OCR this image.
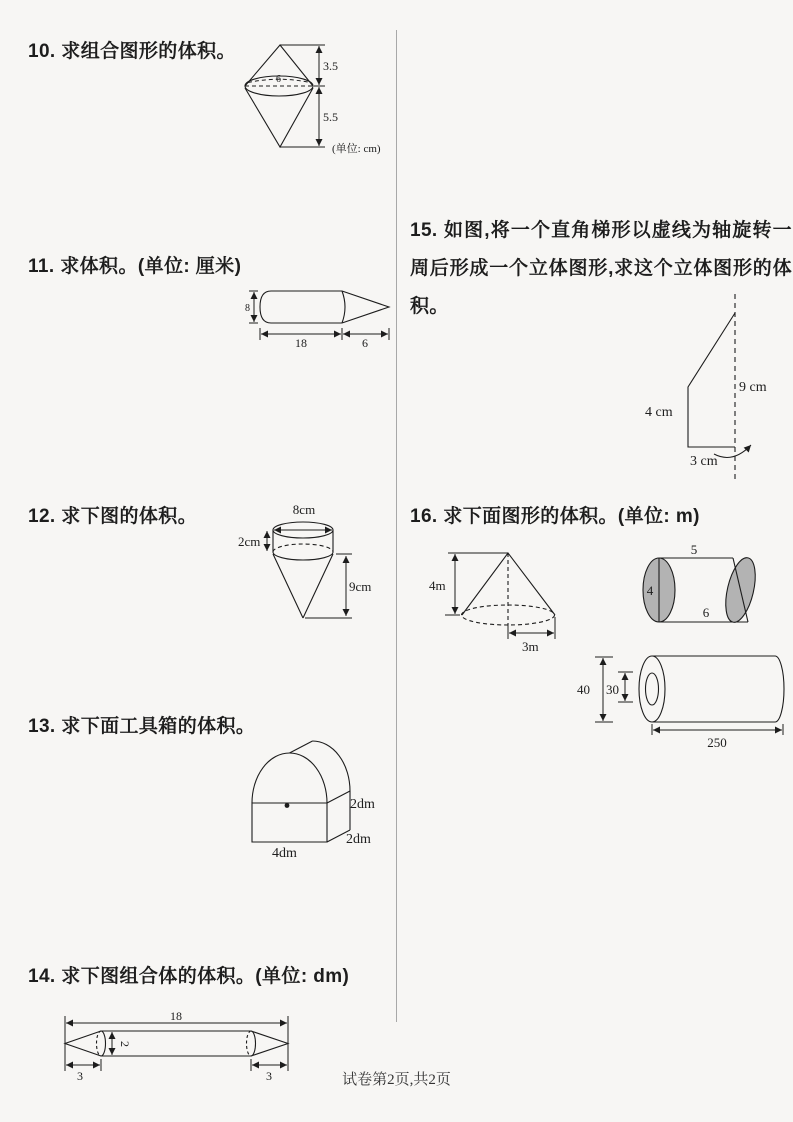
10. 求组合图形的体积。
6
3.5
5.5
(单位: cm)
11. 求体积。(单位: 厘米)
8
18	6
12. 求下图的体积。	8cm
2cm
9cm
13. 求下面工具箱的体积。
2dm
2dm
4dm
14. 求下图组合体的体积。(单位: dm)
18
2
3	3
15. 如图,将一个直角梯形以虚线为轴旋转一周后形成一个立体图形,求这个立体图形的体积。
9 cm
4 cm
3 cm
16. 求下面图形的体积。(单位: m)
4m
3m
4
5
6
40 30
250
试卷第2页,共2页
